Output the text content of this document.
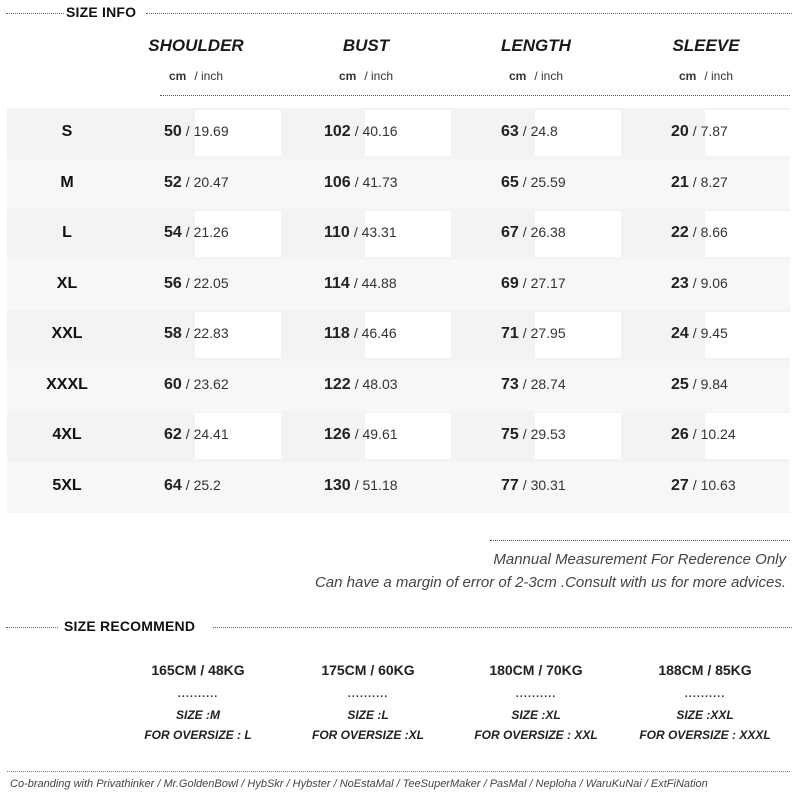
SIZE INFO
SHOULDER	BUST	LENGTH	SLEEVE
cm / inch	cm / inch	cm / inch	cm / inch
S	50 / 19.69	102 / 40.16	63 / 24.8	20 / 7.87
M	52 / 20.47	106 / 41.73	65 / 25.59	21 / 8.27
L	54 / 21.26	110 / 43.31	67 / 26.38	22 / 8.66
XL	56 / 22.05	114 / 44.88	69 / 27.17	23 / 9.06
XXL	58 / 22.83	118 / 46.46	71 / 27.95	24 / 9.45
XXXL	60 / 23.62	122 / 48.03	73 / 28.74	25 / 9.84
4XL	62 / 24.41	126 / 49.61	75 / 29.53	26 / 10.24
5XL	64 / 25.2	130 / 51.18	77 / 30.31	27 / 10.63
Mannual Measurement For Rederence Only
Can have a margin of error of 2-3cm .Consult with us for more advices.
SIZE RECOMMEND
165CM / 48KG
..........
SIZE :M
FOR OVERSIZE : L
175CM / 60KG
..........
SIZE :L
FOR OVERSIZE :XL
180CM / 70KG
..........
SIZE :XL
FOR OVERSIZE : XXL
188CM / 85KG
..........
SIZE :XXL
FOR OVERSIZE : XXXL
Co-branding with Privathinker / Mr.GoldenBowl / HybSkr / Hybster / NoEstaMal / TeeSuperMaker / PasMal / Neploha / WaruKuNai / ExtFiNation
